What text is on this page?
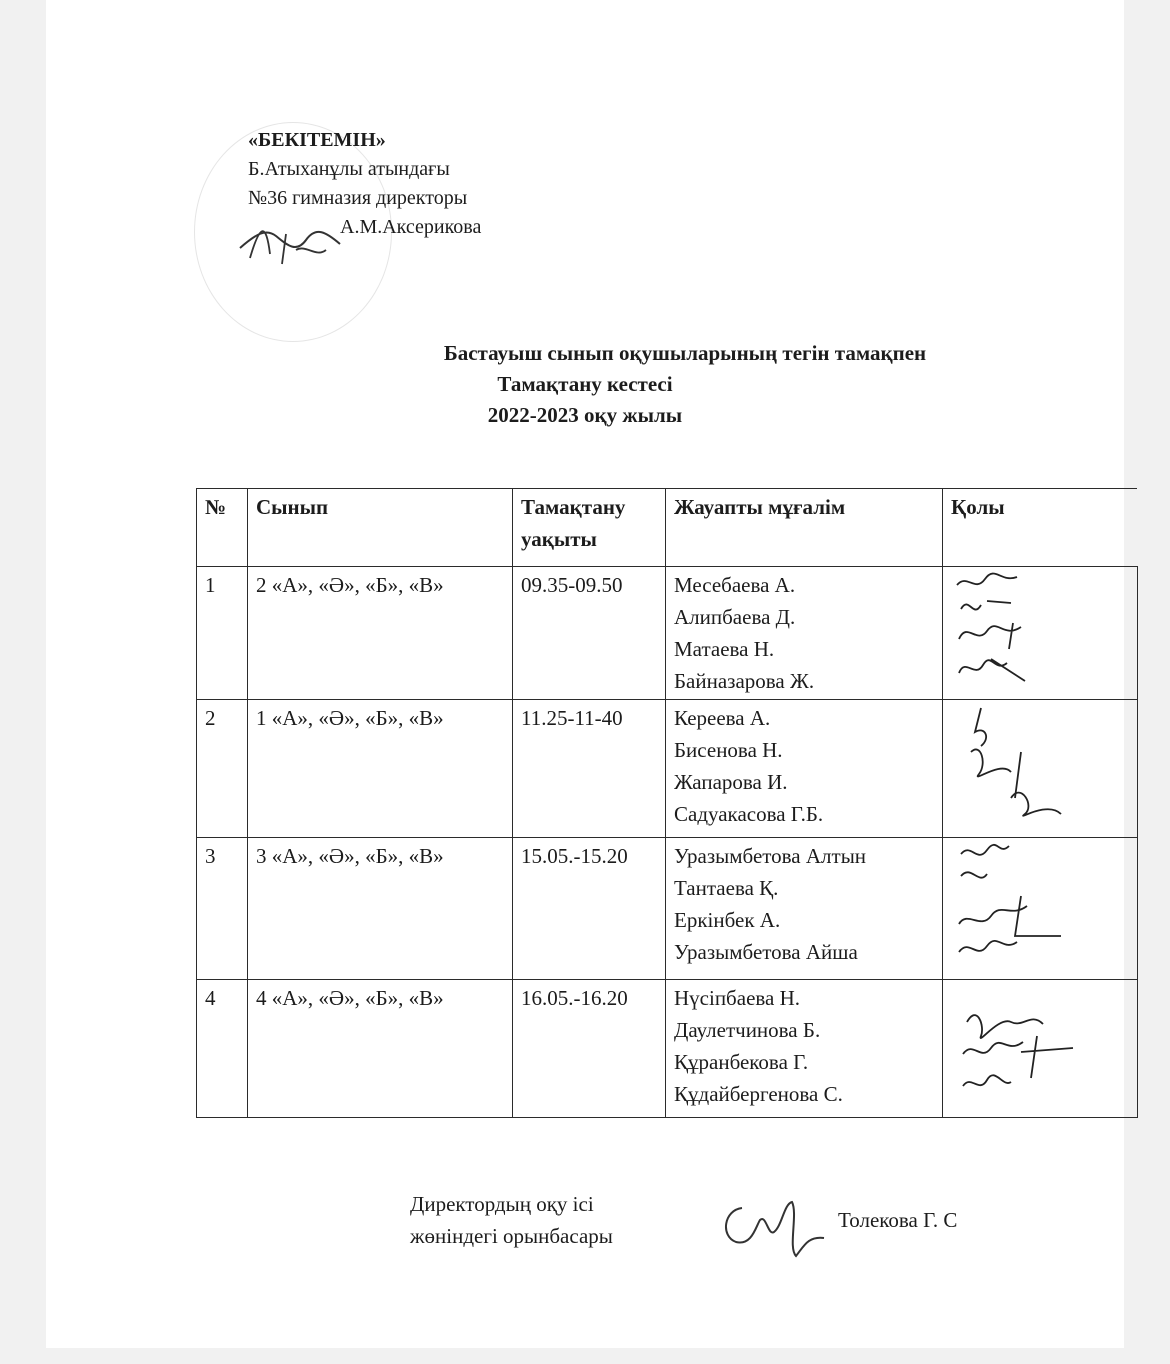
«БЕКІТЕМІН»
Б.Атыханұлы атындағы
№36 гимназия директоры
А.М.Аксерикова
Бастауыш сынып оқушыларының тегін тамақпен
Тамақтану кестесі
2022-2023 оқу жылы
№	Сынып	Тамақтану уақыты	Жауапты мұғалім	Қолы
1	2 «А», «Ә», «Б», «В»	09.35-09.50	Месебаева А.
Алипбаева Д.
Матаева Н.
Байназарова Ж.

2	1 «А», «Ә», «Б», «В»	11.25-11-40	Кереева А.
Бисенова Н.
Жапарова И.
Садуакасова Г.Б.

3	3 «А», «Ә», «Б», «В»	15.05.-15.20	Уразымбетова Алтын
Тантаева Қ.
Еркінбек А.
Уразымбетова Айша

4	4 «А», «Ә», «Б», «В»	16.05.-16.20	Нүсіпбаева Н.
Даулетчинова Б.
Құранбекова Г.
Құдайбергенова С.

Директордың оқу ісі
жөніндегі орынбасары
Толекова Г. С
